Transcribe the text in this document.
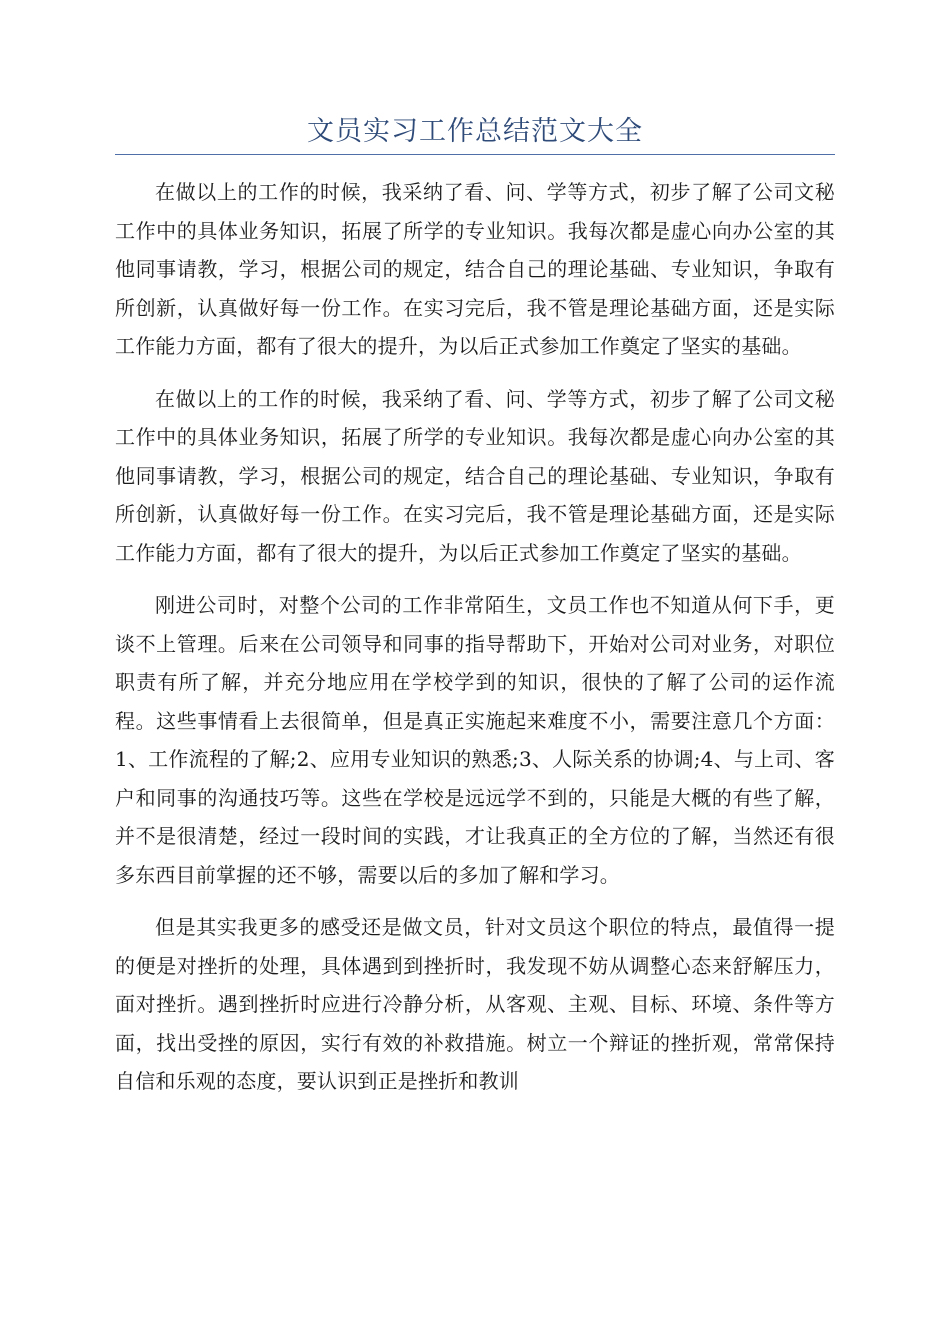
文员实习工作总结范文大全

在做以上的工作的时候，我采纳了看、问、学等方式，初步了解了公司文秘工作中的具体业务知识，拓展了所学的专业知识。我每次都是虚心向办公室的其他同事请教，学习，根据公司的规定，结合自己的理论基础、专业知识，争取有所创新，认真做好每一份工作。在实习完后，我不管是理论基础方面，还是实际工作能力方面，都有了很大的提升，为以后正式参加工作奠定了坚实的基础。

在做以上的工作的时候，我采纳了看、问、学等方式，初步了解了公司文秘工作中的具体业务知识，拓展了所学的专业知识。我每次都是虚心向办公室的其他同事请教，学习，根据公司的规定，结合自己的理论基础、专业知识，争取有所创新，认真做好每一份工作。在实习完后，我不管是理论基础方面，还是实际工作能力方面，都有了很大的提升，为以后正式参加工作奠定了坚实的基础。

刚进公司时，对整个公司的工作非常陌生，文员工作也不知道从何下手，更谈不上管理。后来在公司领导和同事的指导帮助下，开始对公司对业务，对职位职责有所了解，并充分地应用在学校学到的知识，很快的了解了公司的运作流程。这些事情看上去很简单，但是真正实施起来难度不小，需要注意几个方面：1、工作流程的了解;2、应用专业知识的熟悉;3、人际关系的协调;4、与上司、客户和同事的沟通技巧等。这些在学校是远远学不到的，只能是大概的有些了解，并不是很清楚，经过一段时间的实践，才让我真正的全方位的了解，当然还有很多东西目前掌握的还不够，需要以后的多加了解和学习。

但是其实我更多的感受还是做文员，针对文员这个职位的特点，最值得一提的便是对挫折的处理，具体遇到到挫折时，我发现不妨从调整心态来舒解压力，面对挫折。遇到挫折时应进行冷静分析，从客观、主观、目标、环境、条件等方面，找出受挫的原因，实行有效的补救措施。树立一个辩证的挫折观，常常保持自信和乐观的态度，要认识到正是挫折和教训
